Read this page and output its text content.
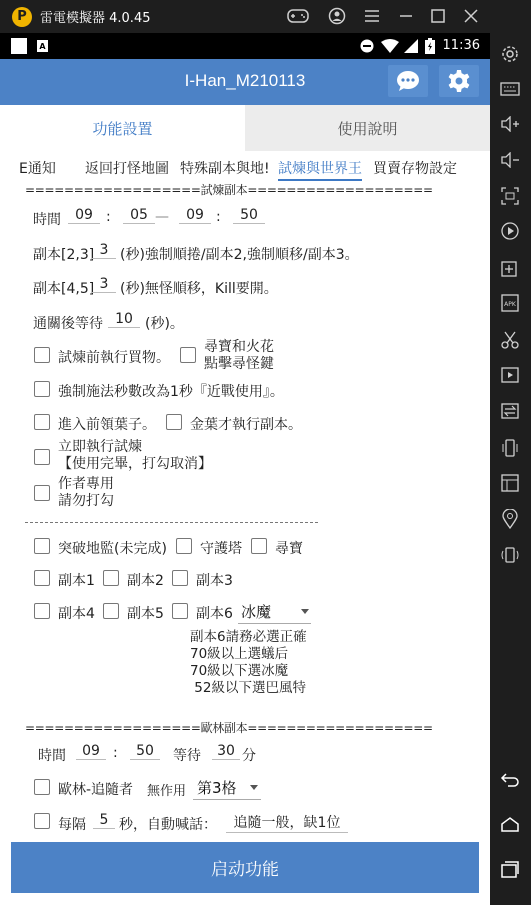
P	雷電模擬器 4.0.45
APK
A	11:36
I-Han_M210113
功能設置	使用說明
E通知 返回打怪地圖 特殊副本與地! 試煉與世界王 買賣存物設定
==================試煉副本===================
時間	09 :	05 —	09 :	50
副本[2,3] 3 (秒)強制順捲/副本2,強制順移/副本3。
副本[4,5] 3 (秒)無怪順移，Kill要開。
通關後等待 10 (秒)。
試煉前執行買物。
尋寶和火花
點擊尋怪鍵
強制施法秒數改為1秒『近戰使用』。
進入前領葉子。 金葉才執行副本。
立即執行試煉
【使用完畢，打勾取消】
作者專用
請勿打勾
突破地監(未完成) 守護塔 尋寶
副本1 副本2 副本3
副本4 副本5 副本6 冰魔
副本6請務必選正確
70級以上選蟻后
70級以下選冰魔
52級以下選巴風特
==================歐林副本===================
時間	09 :	50	等待	30 分
歐林-追隨者 無作用 第3格
每隔 5 秒，自動喊話：	追隨一般，缺1位
启动功能
